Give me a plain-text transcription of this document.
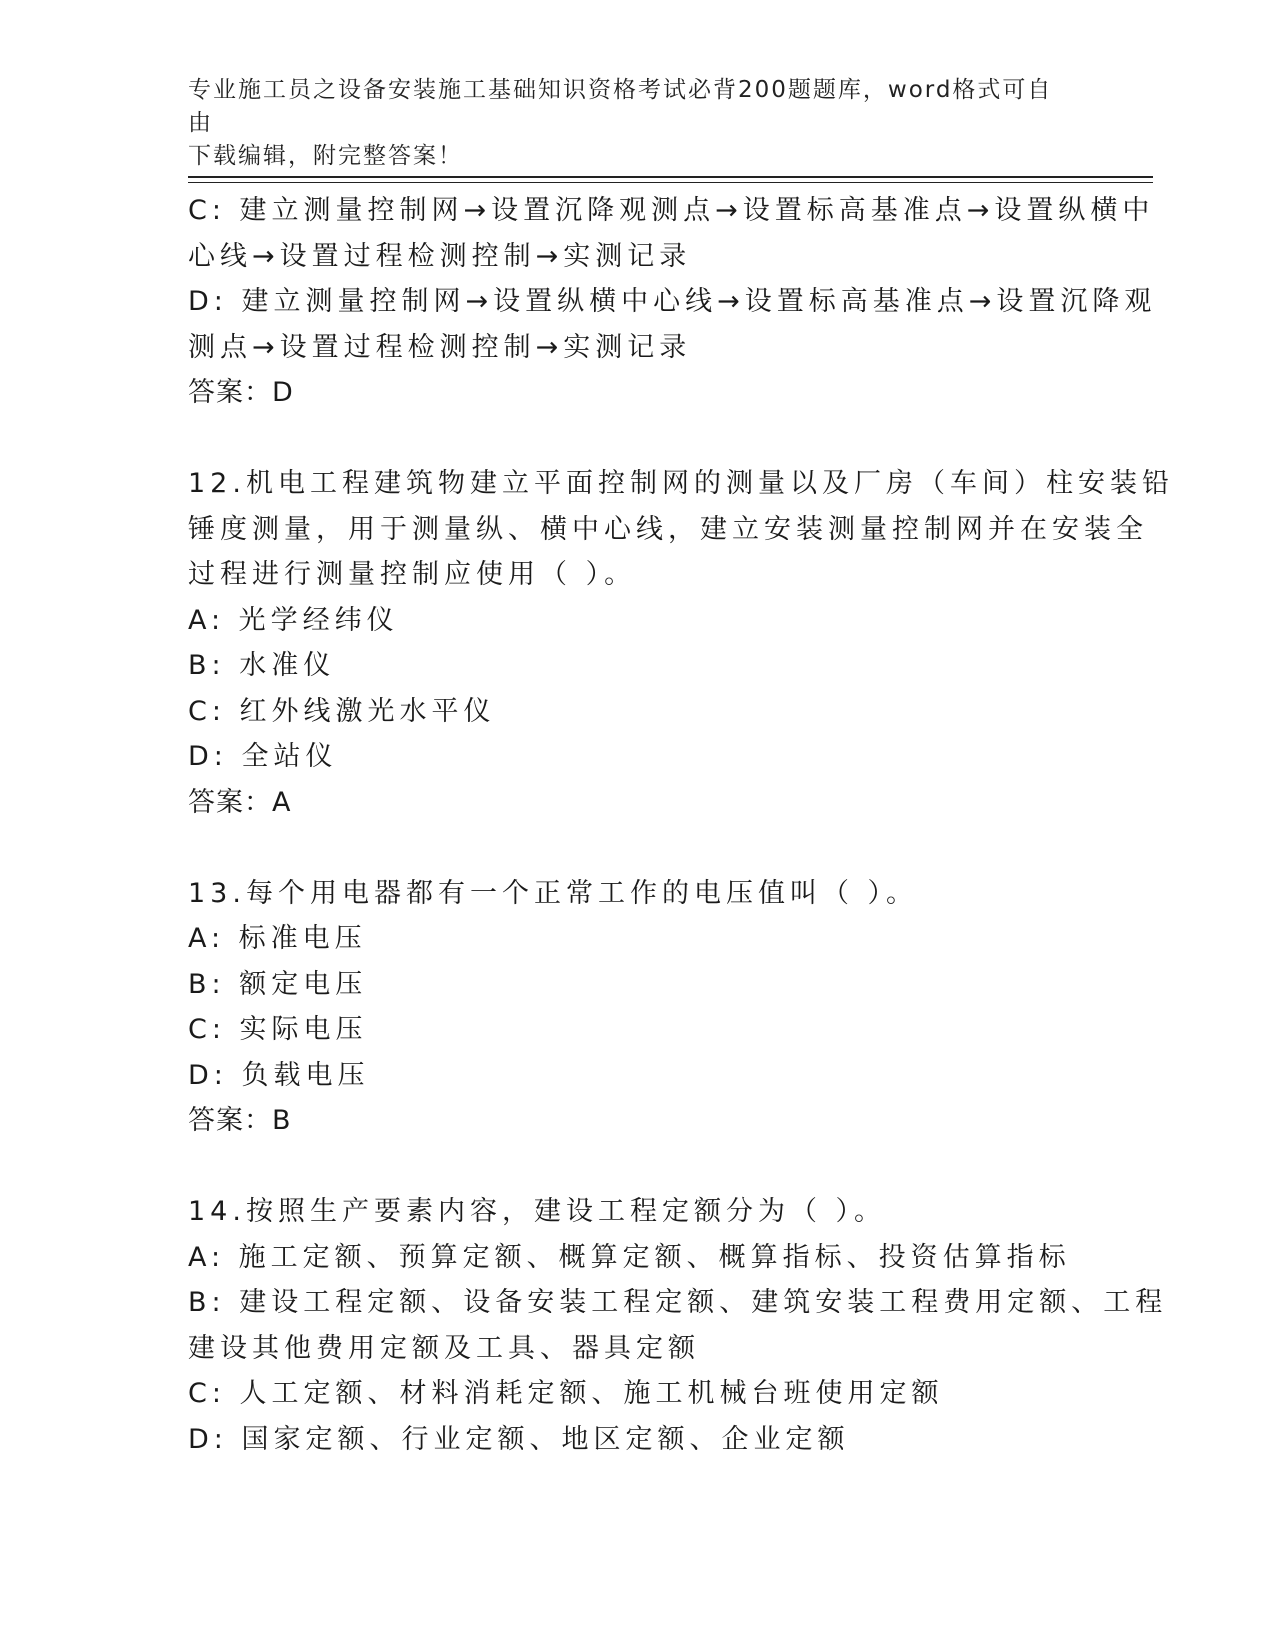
专业施工员之设备安装施工基础知识资格考试必背200题题库，word格式可自由
下载编辑，附完整答案！
C: 建立测量控制网→设置沉降观测点→设置标高基准点→设置纵横中
心线→设置过程检测控制→实测记录
D: 建立测量控制网→设置纵横中心线→设置标高基准点→设置沉降观
测点→设置过程检测控制→实测记录
答案：D
12.机电工程建筑物建立平面控制网的测量以及厂房（车间）柱安装铅
锤度测量，用于测量纵、横中心线，建立安装测量控制网并在安装全
过程进行测量控制应使用（ ）。
A: 光学经纬仪
B: 水准仪
C: 红外线激光水平仪
D: 全站仪
答案：A
13.每个用电器都有一个正常工作的电压值叫（ ）。
A: 标准电压
B: 额定电压
C: 实际电压
D: 负载电压
答案：B
14.按照生产要素内容，建设工程定额分为（ ）。
A: 施工定额、预算定额、概算定额、概算指标、投资估算指标
B: 建设工程定额、设备安装工程定额、建筑安装工程费用定额、工程
建设其他费用定额及工具、器具定额
C: 人工定额、材料消耗定额、施工机械台班使用定额
D: 国家定额、行业定额、地区定额、企业定额
